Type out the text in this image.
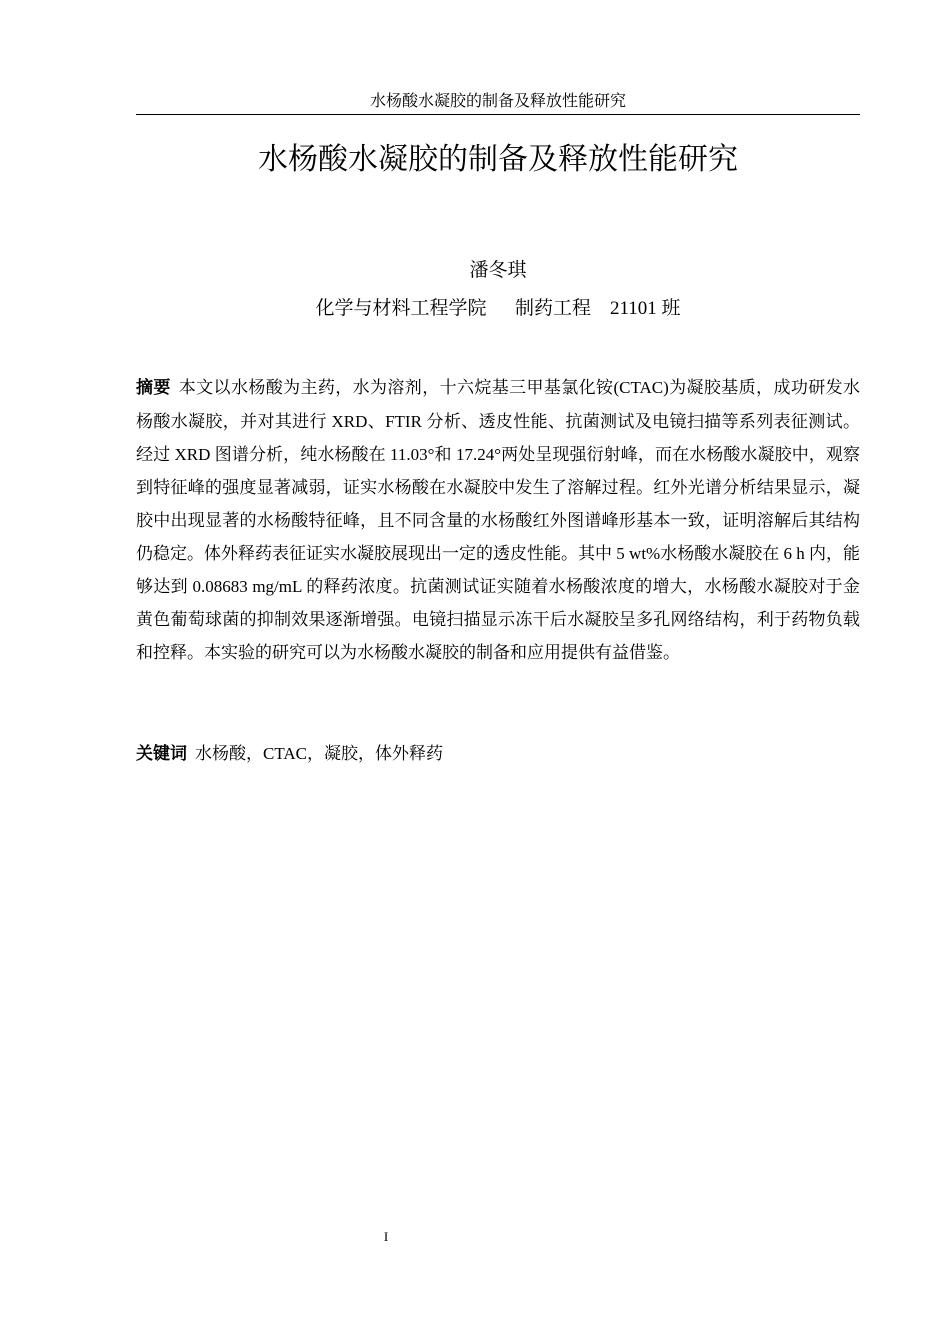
水杨酸水凝胶的制备及释放性能研究
水杨酸水凝胶的制备及释放性能研究
潘冬琪
化学与材料工程学院      制药工程    21101 班
摘要 本文以水杨酸为主药，水为溶剂，十六烷基三甲基氯化铵(CTAC)为凝胶基质，成功研发水杨酸水凝胶，并对其进行 XRD、FTIR 分析、透皮性能、抗菌测试及电镜扫描等系列表征测试。经过 XRD 图谱分析，纯水杨酸在 11.03°和 17.24°两处呈现强衍射峰，而在水杨酸水凝胶中，观察到特征峰的强度显著减弱，证实水杨酸在水凝胶中发生了溶解过程。红外光谱分析结果显示，凝胶中出现显著的水杨酸特征峰，且不同含量的水杨酸红外图谱峰形基本一致，证明溶解后其结构仍稳定。体外释药表征证实水凝胶展现出一定的透皮性能。其中 5 wt%水杨酸水凝胶在 6 h 内，能够达到 0.08683 mg/mL 的释药浓度。抗菌测试证实随着水杨酸浓度的增大，水杨酸水凝胶对于金黄色葡萄球菌的抑制效果逐渐增强。电镜扫描显示冻干后水凝胶呈多孔网络结构，利于药物负载和控释。本实验的研究可以为水杨酸水凝胶的制备和应用提供有益借鉴。
关键词 水杨酸，CTAC，凝胶，体外释药
I
